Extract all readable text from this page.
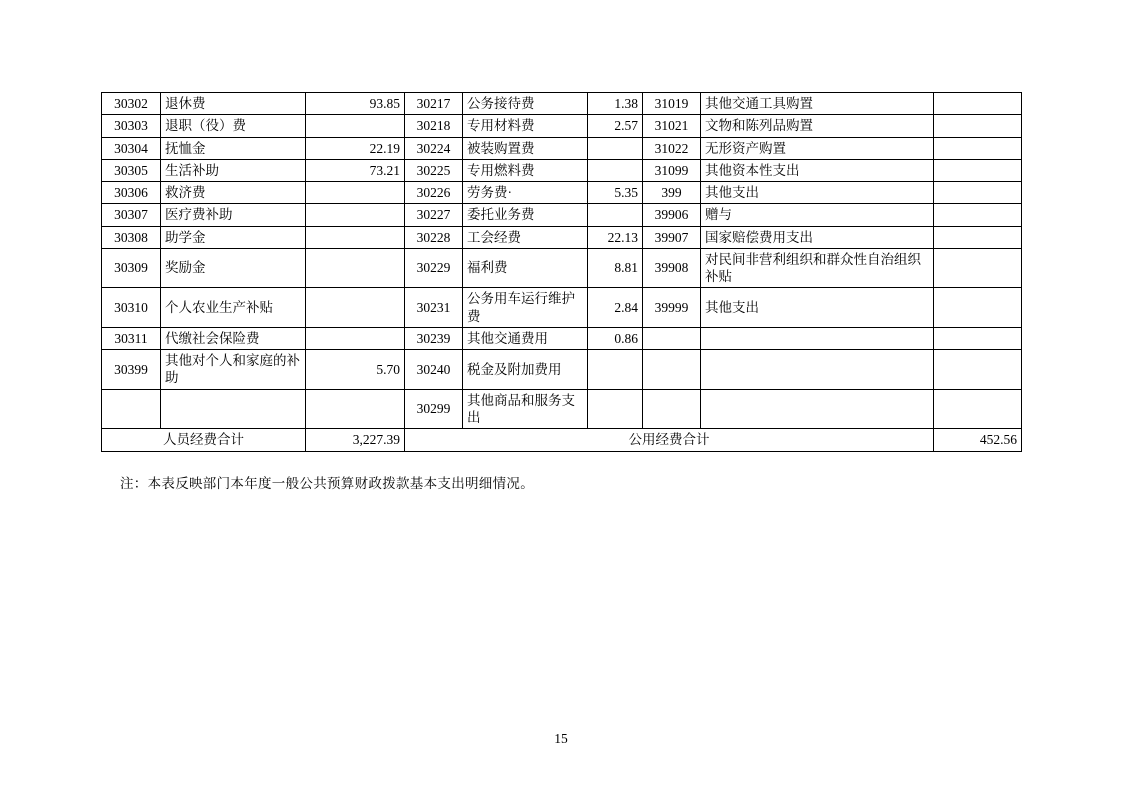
30302	退休费	93.85	30217	公务接待费	1.38	31019	其他交通工具购置	
30303	退职（役）费		30218	专用材料费	2.57	31021	文物和陈列品购置	
30304	抚恤金	22.19	30224	被装购置费		31022	无形资产购置	
30305	生活补助	73.21	30225	专用燃料费		31099	其他资本性支出	
30306	救济费		30226	劳务费·	5.35	399	其他支出	
30307	医疗费补助		30227	委托业务费		39906	赠与	
30308	助学金		30228	工会经费	22.13	39907	国家赔偿费用支出	
30309	奖励金		30229	福利费	8.81	39908	对民间非营利组织和群众性自治组织补贴	
30310	个人农业生产补贴		30231	公务用车运行维护费	2.84	39999	其他支出	
30311	代缴社会保险费		30239	其他交通费用	0.86			
30399	其他对个人和家庭的补助	5.70	30240	税金及附加费用				
			30299	其他商品和服务支出				
人员经费合计		3,227.39	公用经费合计					452.56
注：本表反映部门本年度一般公共预算财政拨款基本支出明细情况。
15
